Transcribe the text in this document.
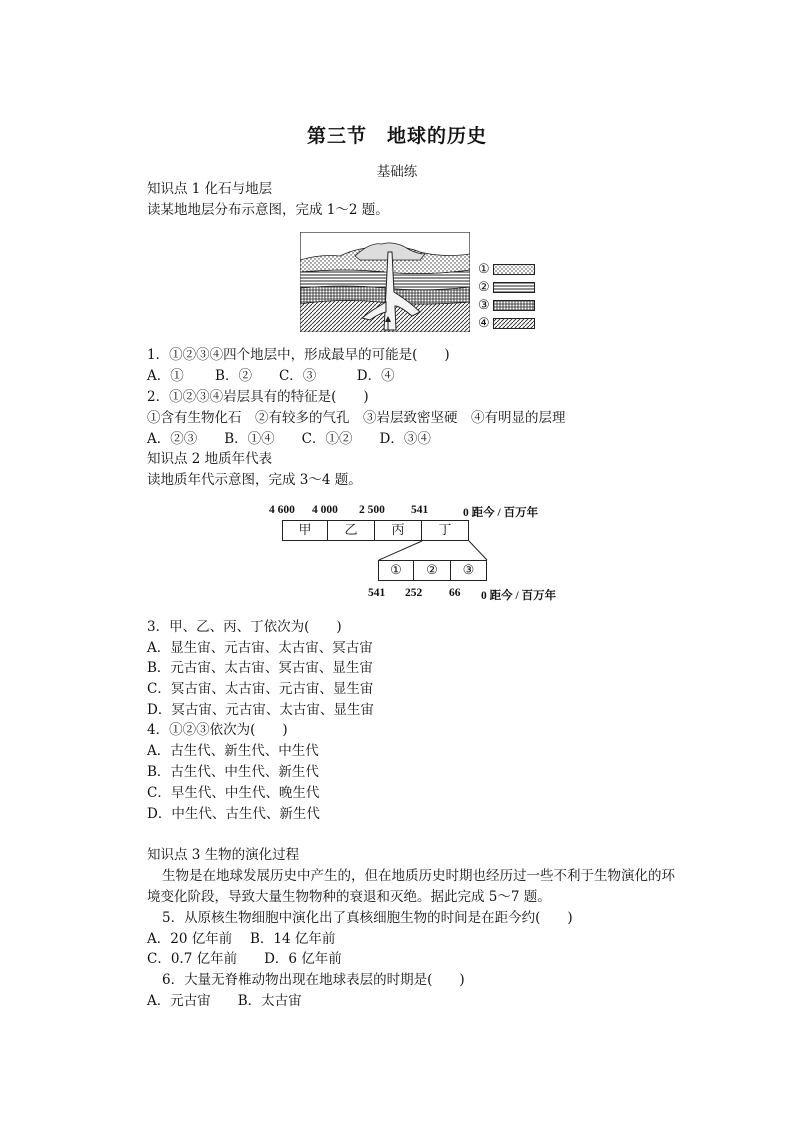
第三节　地球的历史
基础练
知识点 1 化石与地层
读某地地层分布示意图，完成 1～2 题。
①
②
③
④
1．①②③④四个地层中，形成最早的可能是(　　)
A．①　　 B．②　　C．③　　　D．④
2．①②③④岩层具有的特征是(　　)
①含有生物化石　②有较多的气孔　③岩层致密坚硬　④有明显的层理
A．②③　　B．①④　　C．①②　　D．③④
知识点 2 地质年代表
读地质年代示意图，完成 3～4 题。
4 600 4 000 2 500 541	0 距今 / 百万年
甲	乙	丙	丁
①	②	③
541 252 66 0 距今 / 百万年
3．甲、乙、丙、丁依次为(　　)
A．显生宙、元古宙、太古宙、冥古宙
B．元古宙、太古宙、冥古宙、显生宙
C．冥古宙、太古宙、元古宙、显生宙
D．冥古宙、元古宙、太古宙、显生宙
4．①②③依次为(　　)
A．古生代、新生代、中生代
B．古生代、中生代、新生代
C．早生代、中生代、晚生代
D．中生代、古生代、新生代
知识点 3 生物的演化过程
生物是在地球发展历史中产生的，但在地质历史时期也经历过一些不利于生物演化的环
境变化阶段，导致大量生物物种的衰退和灭绝。据此完成 5～7 题。
5．从原核生物细胞中演化出了真核细胞生物的时间是在距今约(　　)
A．20 亿年前　 B．14 亿年前
C．0.7 亿年前　　D．6 亿年前
6．大量无脊椎动物出现在地球表层的时期是(　　)
A．元古宙　　B．太古宙
